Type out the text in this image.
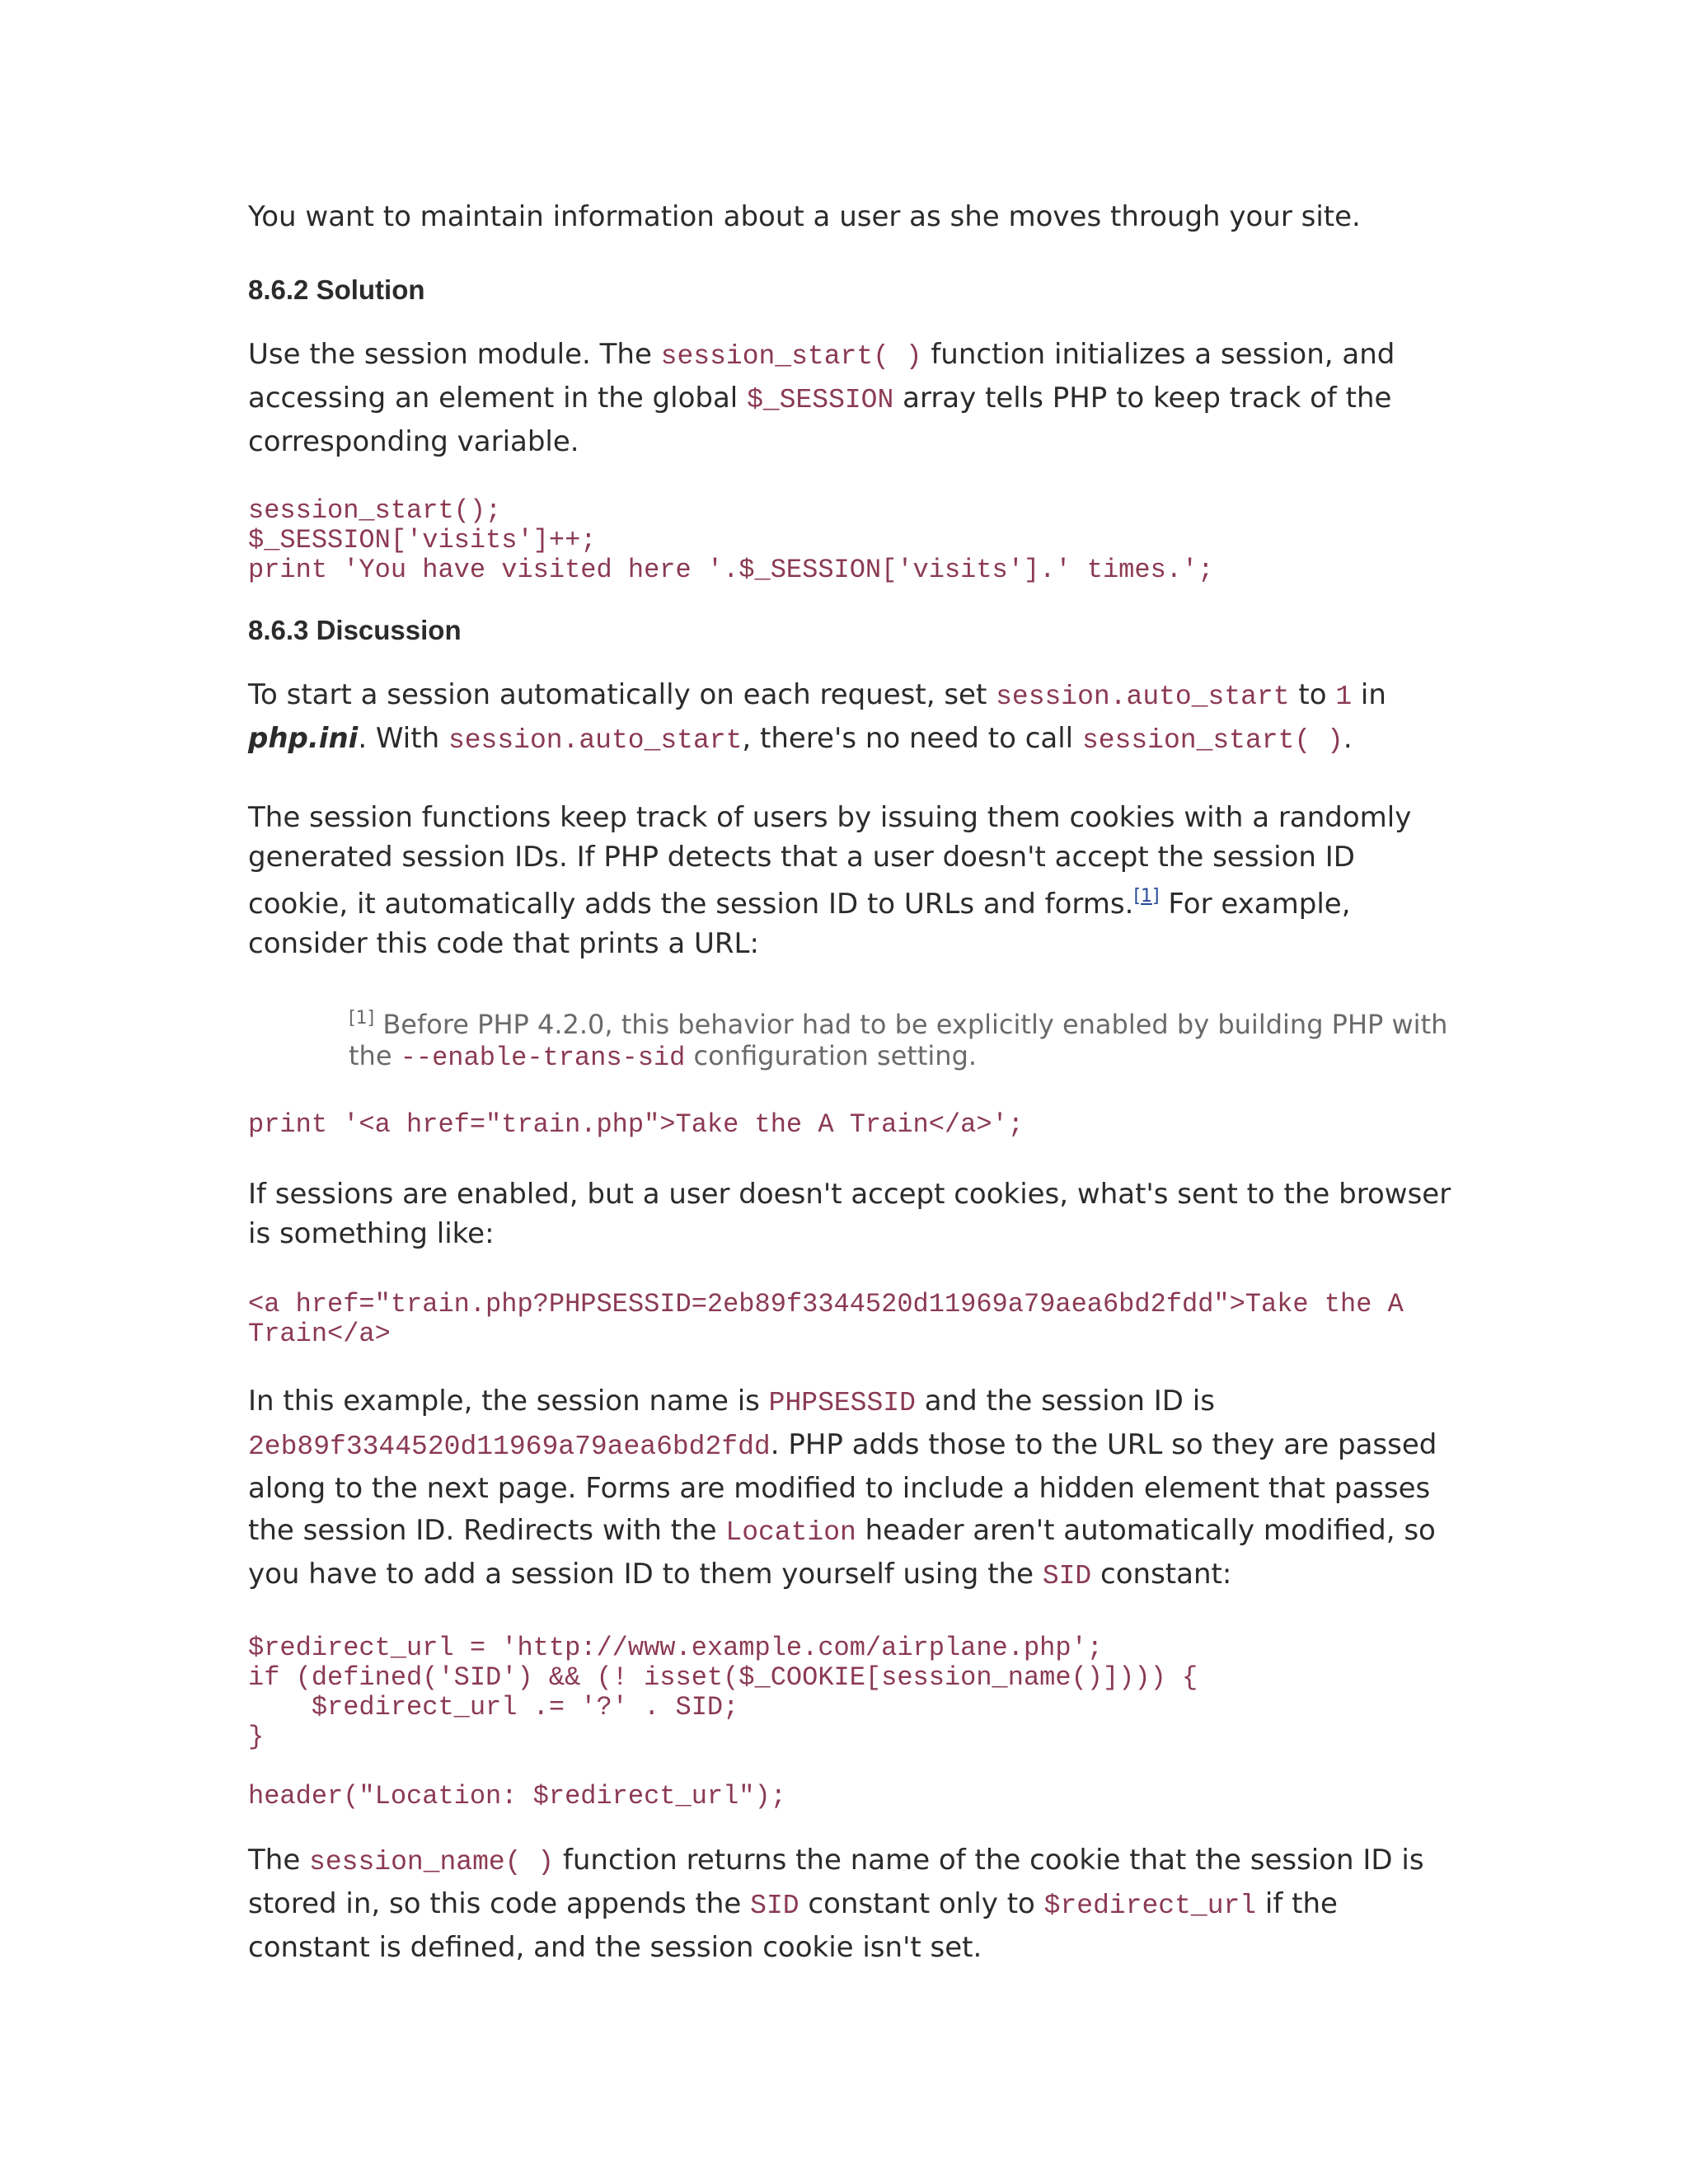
You want to maintain information about a user as she moves through your site.

8.6.2 Solution

Use the session module. The session_start( ) function initializes a session, and accessing an element in the global $_SESSION array tells PHP to keep track of the corresponding variable.

session_start();
$_SESSION['visits']++;
print 'You have visited here '.$_SESSION['visits'].' times.';
8.6.3 Discussion

To start a session automatically on each request, set session.auto_start to 1 in php.ini. With session.auto_start, there's no need to call session_start( ).

The session functions keep track of users by issuing them cookies with a randomly generated session IDs. If PHP detects that a user doesn't accept the session ID cookie, it automatically adds the session ID to URLs and forms.[1] For example, consider this code that prints a URL:

[1] Before PHP 4.2.0, this behavior had to be explicitly enabled by building PHP with the --enable-trans-sid configuration setting.

print '<a href="train.php">Take the A Train</a>';

If sessions are enabled, but a user doesn't accept cookies, what's sent to the browser is something like:

<a href="train.php?PHPSESSID=2eb89f3344520d11969a79aea6bd2fdd">Take the A
Train</a>

In this example, the session name is PHPSESSID and the session ID is 2eb89f3344520d11969a79aea6bd2fdd. PHP adds those to the URL so they are passed along to the next page. Forms are modified to include a hidden element that passes the session ID. Redirects with the Location header aren't automatically modified, so you have to add a session ID to them yourself using the SID constant:

$redirect_url = 'http://www.example.com/airplane.php';
if (defined('SID') && (! isset($_COOKIE[session_name()]))) {
$redirect_url .= '?' . SID;
}
header("Location: $redirect_url");

The session_name( ) function returns the name of the cookie that the session ID is stored in, so this code appends the SID constant only to $redirect_url if the constant is defined, and the session cookie isn't set.
